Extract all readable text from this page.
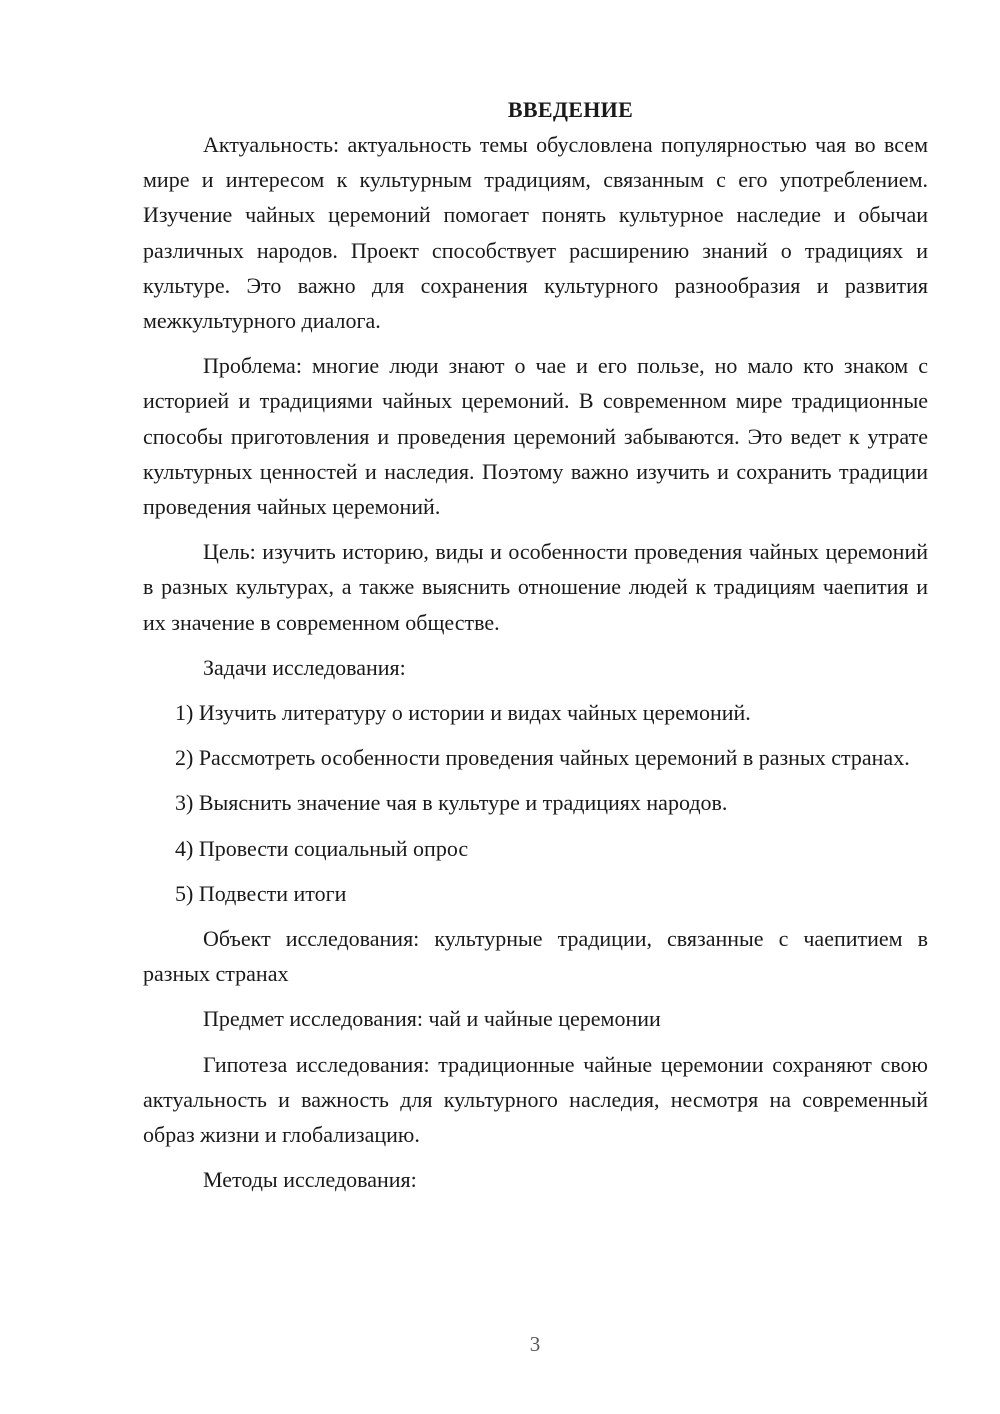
ВВЕДЕНИЕ

Актуальность: актуальность темы обусловлена популярностью чая во всем мире и интересом к культурным традициям, связанным с его употреблением. Изучение чайных церемоний помогает понять культурное наследие и обычаи различных народов. Проект способствует расширению знаний о традициях и культуре. Это важно для сохранения культурного разнообразия и развития межкультурного диалога.

Проблема: многие люди знают о чае и его пользе, но мало кто знаком с историей и традициями чайных церемоний. В современном мире традиционные способы приготовления и проведения церемоний забываются. Это ведет к утрате культурных ценностей и наследия. Поэтому важно изучить и сохранить традиции проведения чайных церемоний.

Цель: изучить историю, виды и особенности проведения чайных церемоний в разных культурах, а также выяснить отношение людей к традициям чаепития и их значение в современном обществе.

Задачи исследования:

1) Изучить литературу о истории и видах чайных церемоний.

2) Рассмотреть особенности проведения чайных церемоний в разных странах.

3) Выяснить значение чая в культуре и традициях народов.

4) Провести социальный опрос

5) Подвести итоги

Объект исследования: культурные традиции, связанные с чаепитием в разных странах

Предмет исследования: чай и чайные церемонии

Гипотеза исследования: традиционные чайные церемонии сохраняют свою актуальность и важность для культурного наследия, несмотря на современный образ жизни и глобализацию.

Методы исследования:

3
